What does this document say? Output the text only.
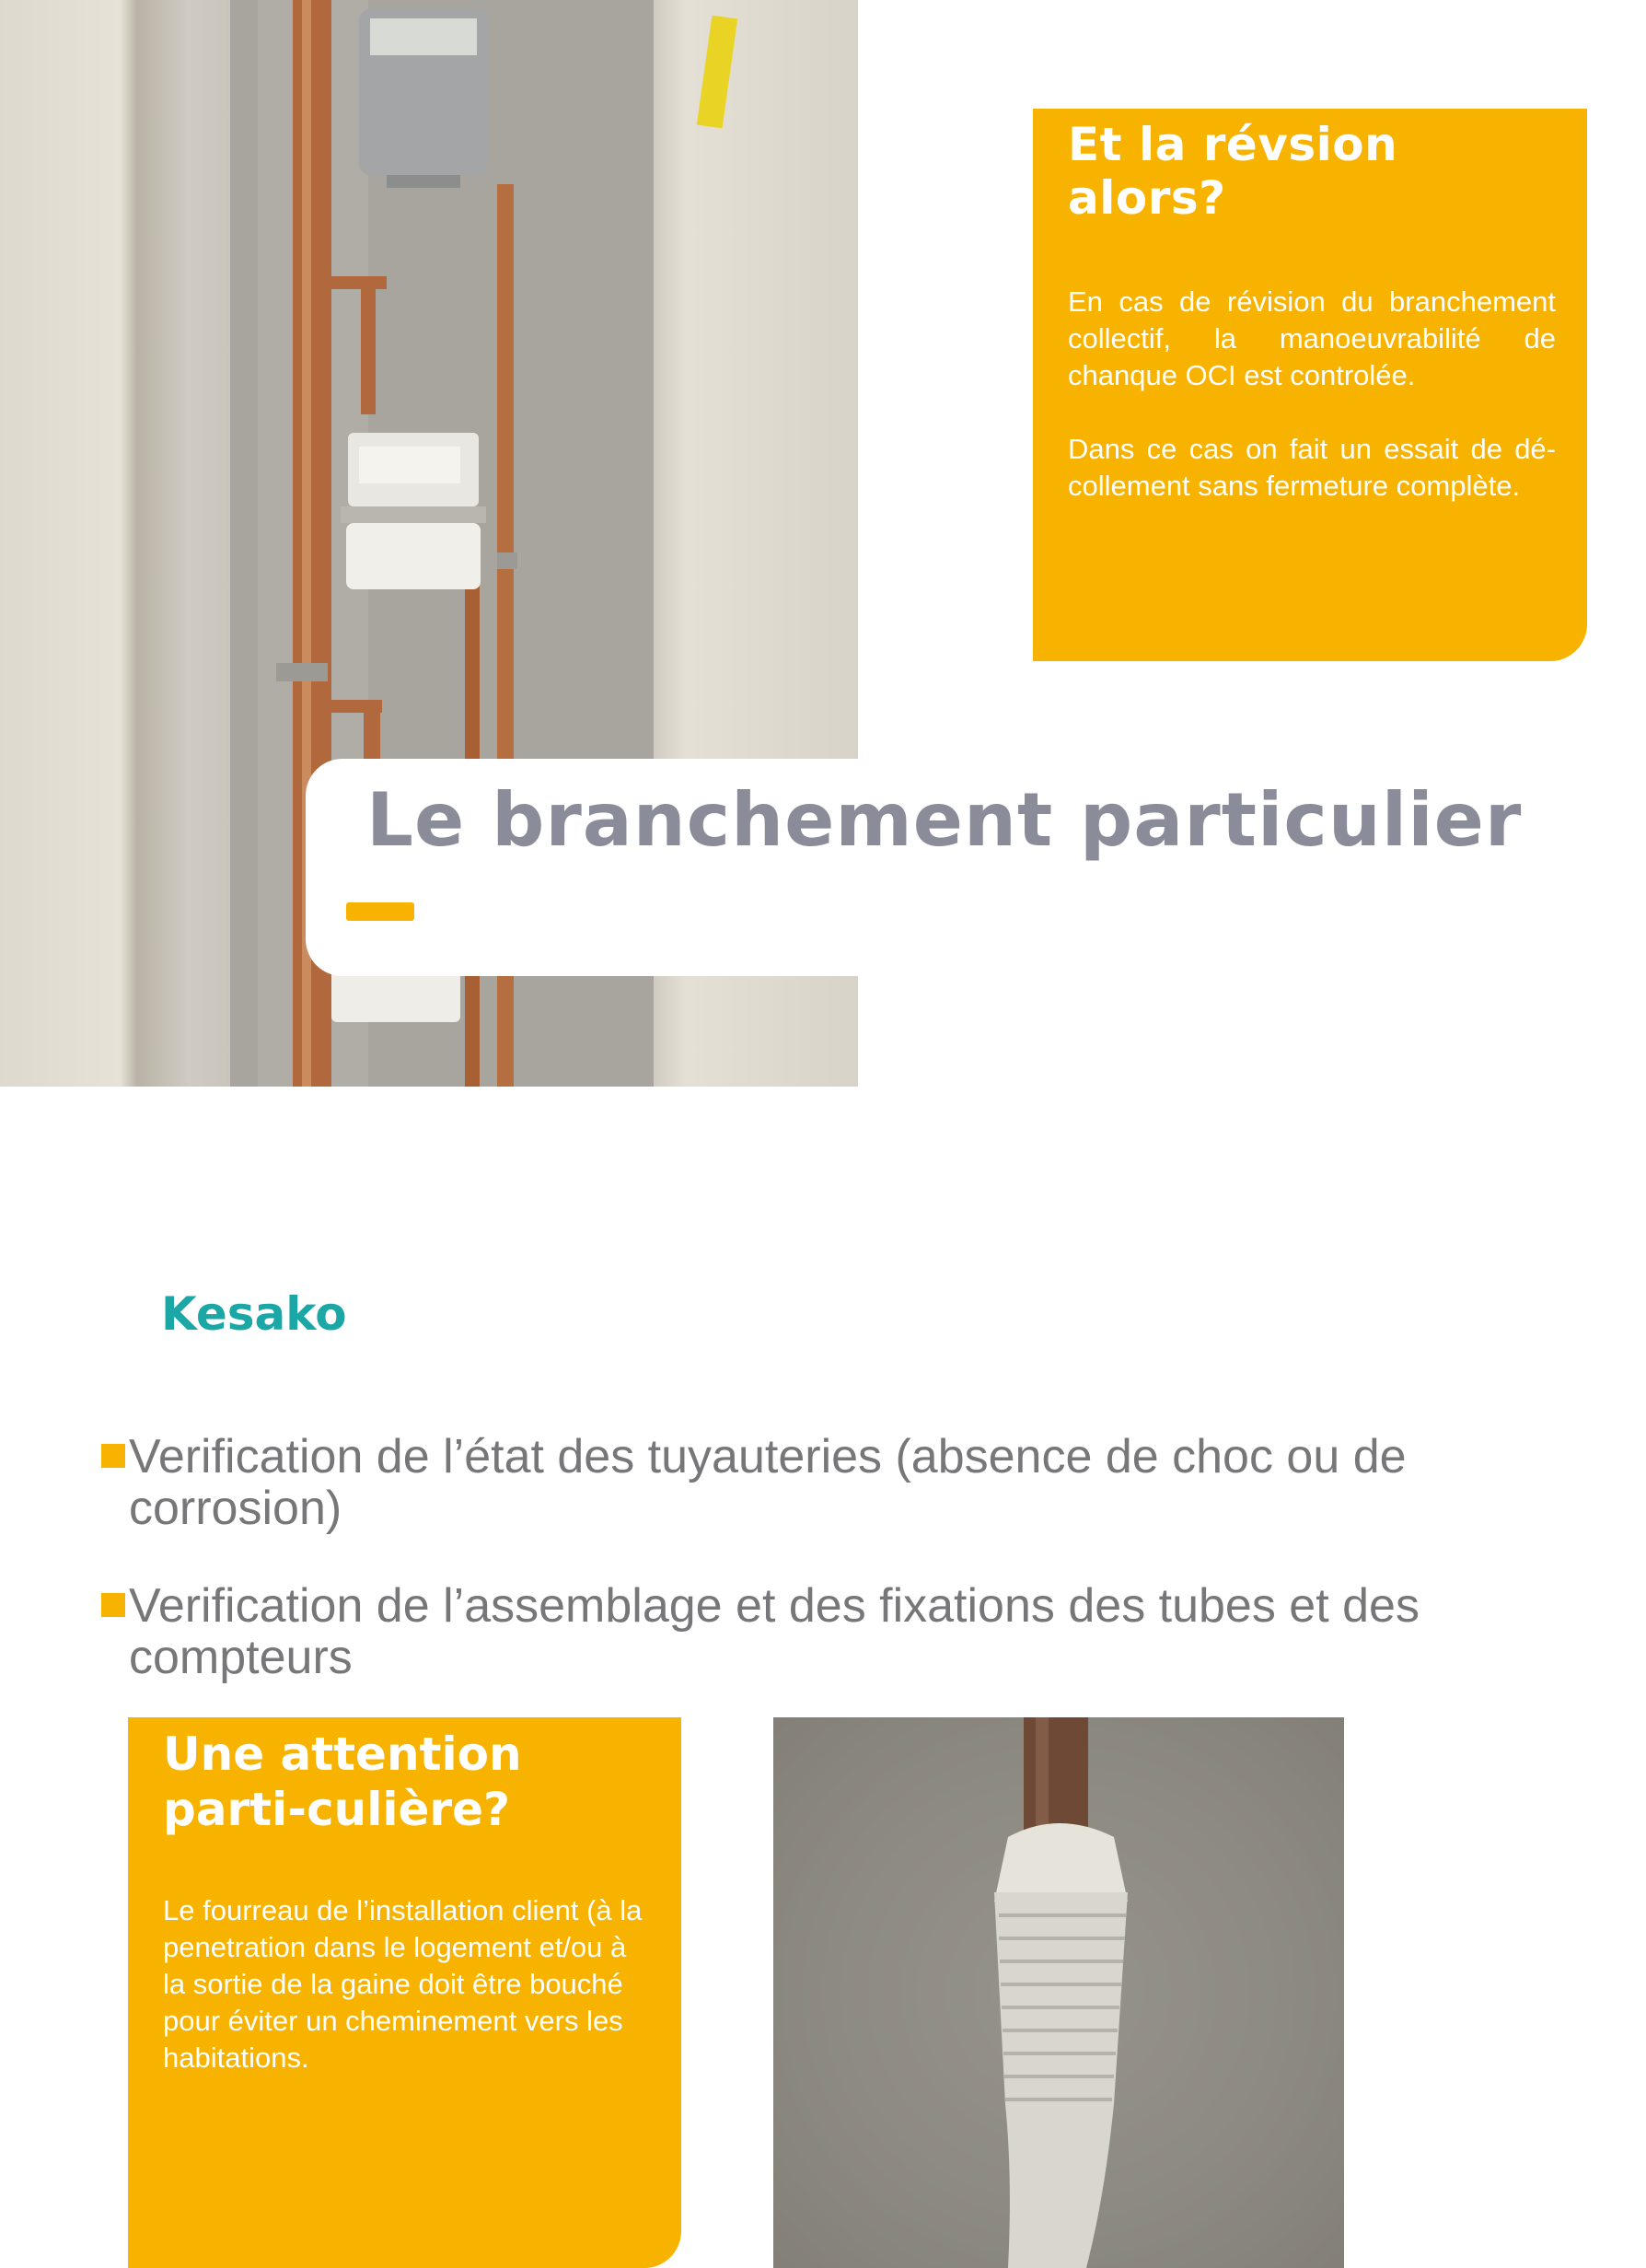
Et la révsion alors?

En cas de révision du branchement collectif, la manoeuvrabilité de chanque OCI est controlée.

Dans ce cas on fait un essait de dé-collement sans fermeture complète.

Le branchement particulier
Kesako
Verification de l’état des tuyauteries (absence de choc ou de corrosion)
Verification de l’assemblage et des fixations des tubes et des compteurs
Une attention parti-culière?
Le fourreau de l’installation client (à la penetration dans le logement et/ou à la sortie de la gaine doit être bouché pour éviter un cheminement vers les habitations.
